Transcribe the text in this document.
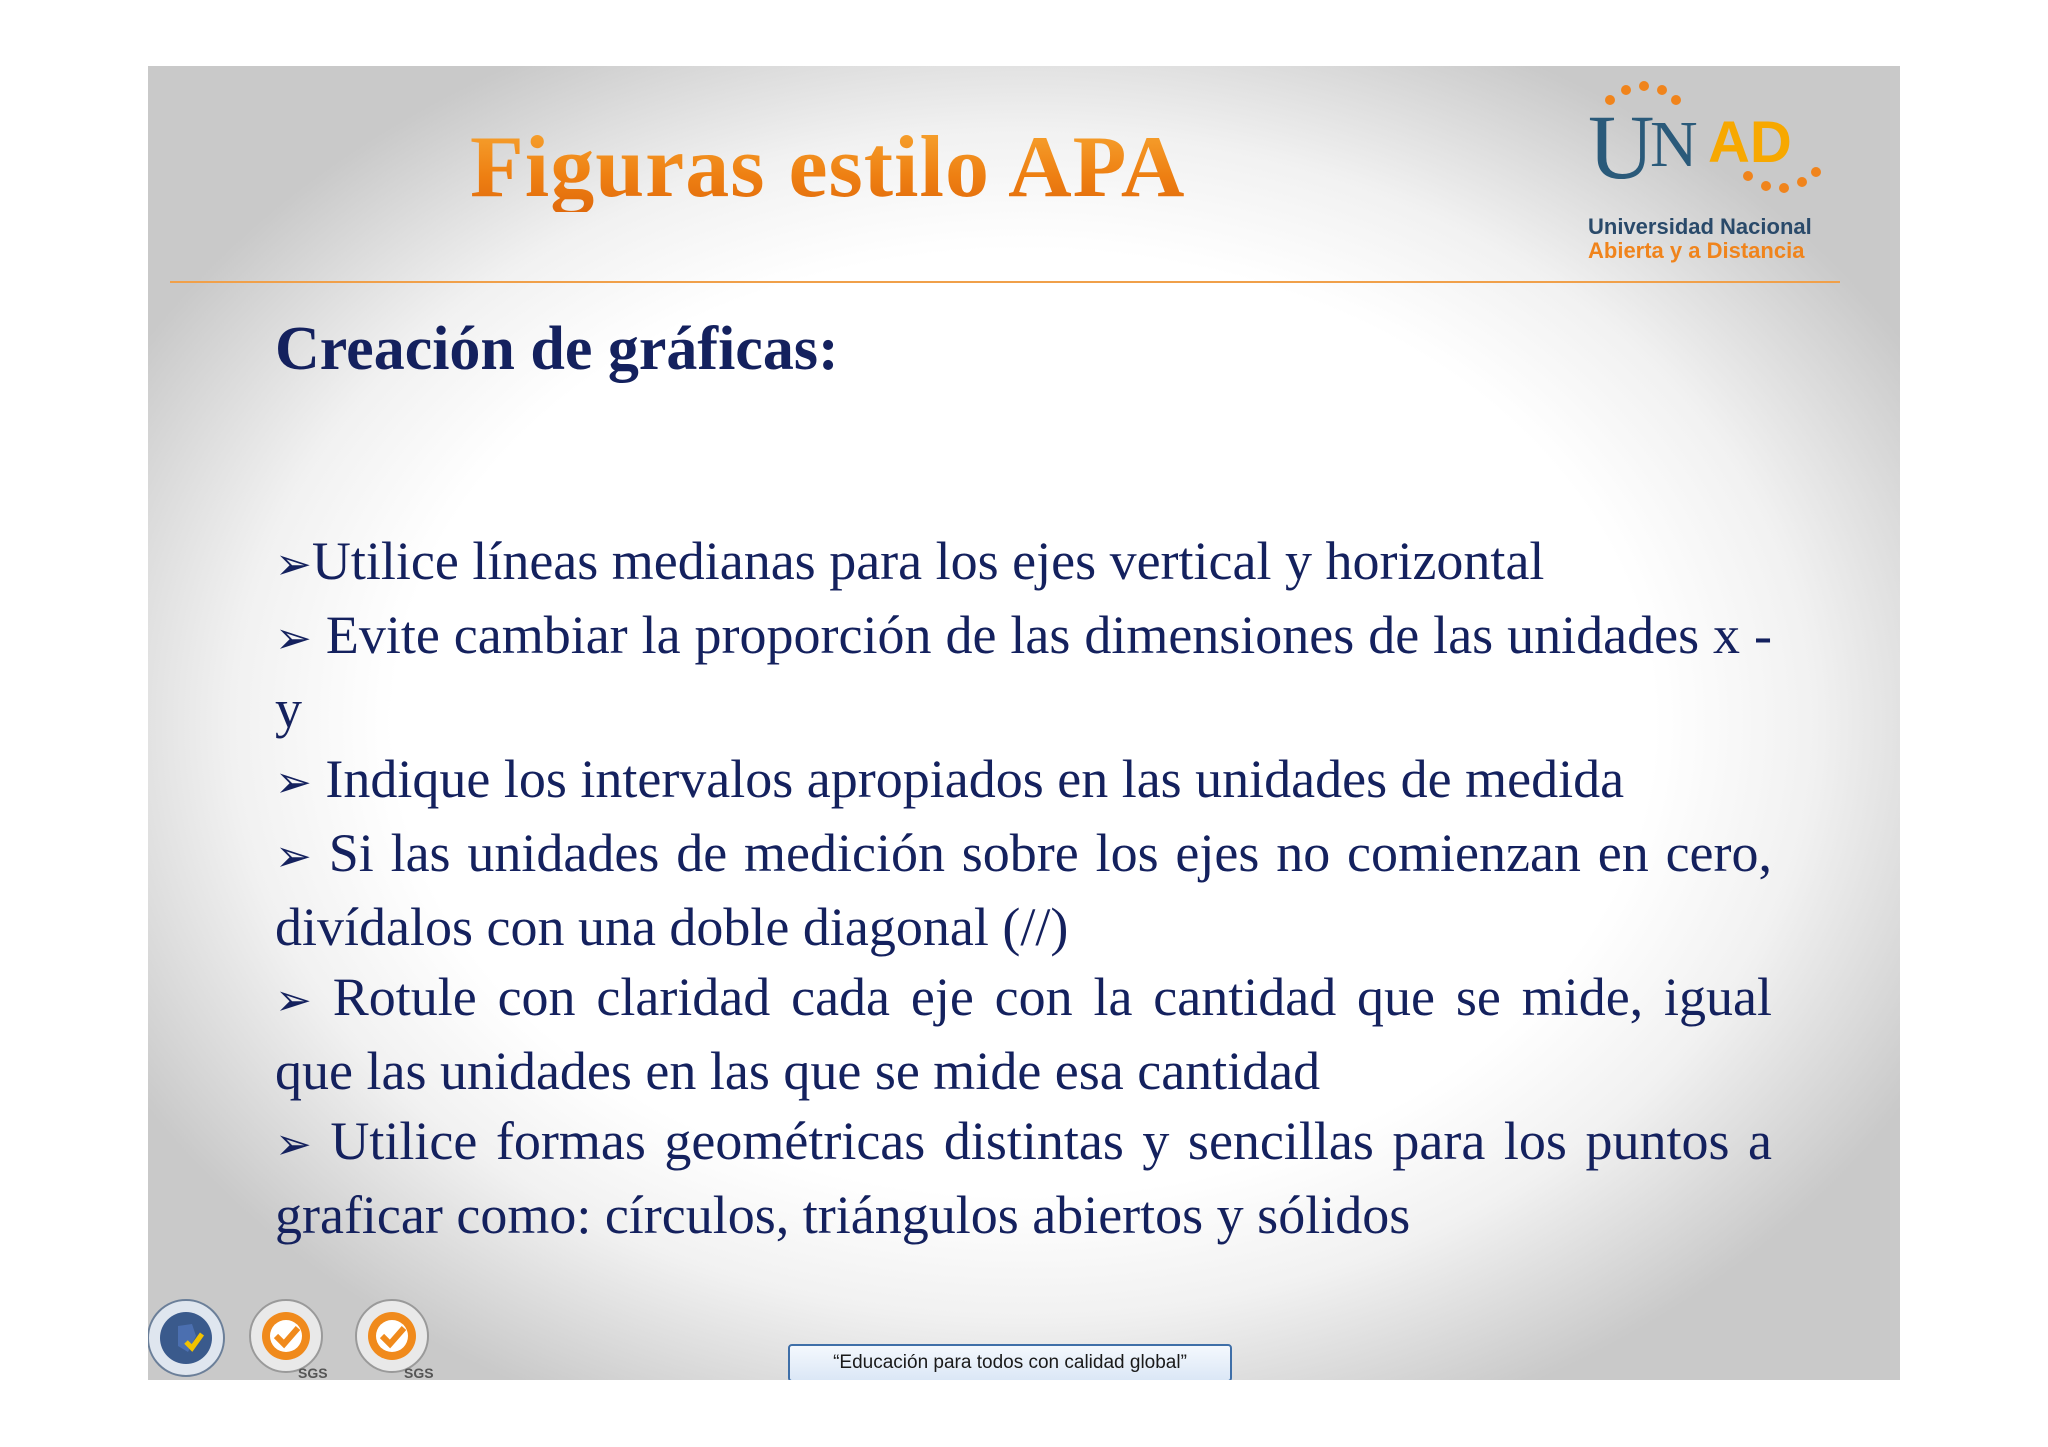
Figuras estilo APA	U
N AD
Universidad Nacional
Abierta y a Distancia
Creación de gráficas:

➢Utilice líneas medianas para los ejes vertical y horizontal

➢ Evite cambiar la proporción de las dimensiones de las unidades x - y

➢ Indique los intervalos apropiados en las unidades de medida

➢ Si las unidades de medición sobre los ejes no comienzan en cero, divídalos con una doble diagonal (//)

➢ Rotule con claridad cada eje con la cantidad que se mide, igual que las unidades en las que se mide esa cantidad

➢ Utilice formas geométricas distintas y sencillas para los puntos a graficar como: círculos, triángulos abiertos y sólidos

SGS	SGS	“Educación para todos con calidad global”
